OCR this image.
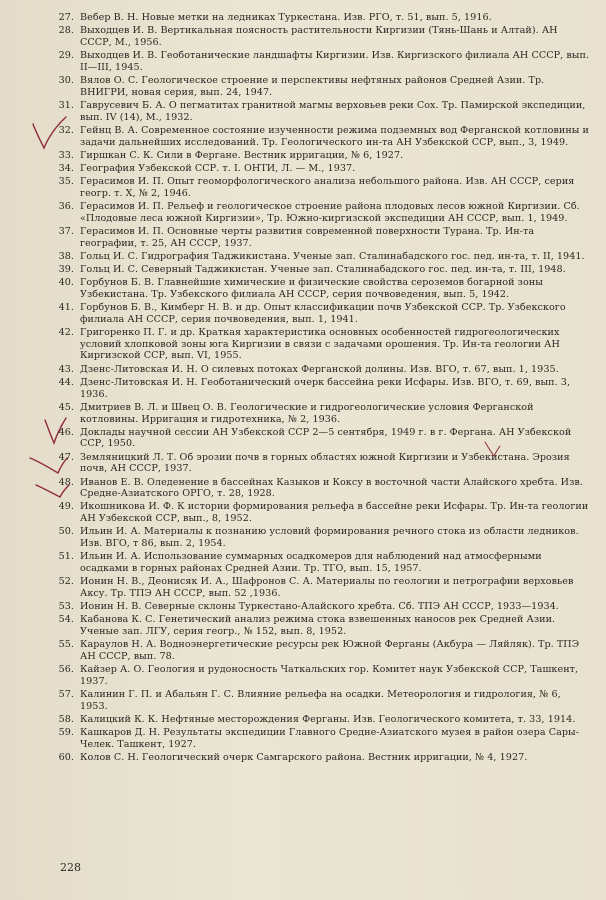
27. Вебер В. Н. Новые метки на ледниках Туркестана. Изв. РГО, т. 51, вып. 5, 1916.
28. Выходцев И. В. Вертикальная поясность растительности Киргизии (Тянь-Шань и Алтай). АН СССР, М., 1956.
29. Выходцев И. В. Геоботанические ландшафты Киргизии. Изв. Киргизского филиала АН СССР, вып. II—III, 1945.
30. Вялов О. С. Геологическое строение и перспективы нефтяных районов Средней Азии. Тр. ВНИГРИ, новая серия, вып. 24, 1947.
31. Гаврусевич Б. А. О пегматитах гранитной магмы верховьев реки Сох. Тр. Памирской экспедиции, вып. IV (14), М., 1932.
32. Гейнц В. А. Современное состояние изученности режима подземных вод Ферганской котловины и задачи дальнейших исследований. Тр. Геологического ин-та АН Узбекской ССР, вып., 3, 1949.
33. Гиршкан С. К. Сили в Фергане. Вестник ирригации, № 6, 1927.
34. География Узбекской ССР. т. I. ОНТИ, Л. — М., 1937.
35. Герасимов И. П. Опыт геоморфологического анализа небольшого района. Изв. АН СССР, серия геогр. т. X, № 2, 1946.
36. Герасимов И. П. Рельеф и геологическое строение района плодовых лесов южной Киргизии. Сб. «Плодовые леса южной Киргизии», Тр. Южно-киргизской экспедиции АН СССР, вып. 1, 1949.
37. Герасимов И. П. Основные черты развития современной поверхности Турана. Тр. Ин-та географии, т. 25, АН СССР, 1937.
38. Гольц И. С. Гидрография Таджикистана. Ученые зап. Сталинабадского гос. пед. ин-та, т. II, 1941.
39. Гольц И. С. Северный Таджикистан. Ученые зап. Сталинабадского гос. пед. ин-та, т. III, 1948.
40. Горбунов Б. В. Главнейшие химические и физические свойства сероземов богарной зоны Узбекистана. Тр. Узбекского филиала АН СССР, серия почвоведения, вып. 5, 1942.
41. Горбунов Б. В., Кимберг Н. В. и др. Опыт классификации почв Узбекской ССР. Тр. Узбекского филиала АН СССР, серия почвоведения, вып. 1, 1941.
42. Григоренко П. Г. и др. Краткая характеристика основных особенностей гидрогеологических условий хлопковой зоны юга Киргизии в связи с задачами орошения. Тр. Ин-та геологии АН Киргизской ССР, вып. VI, 1955.
43. Дзенс-Литовская И. Н. О силевых потоках Ферганской долины. Изв. ВГО, т. 67, вып. 1, 1935.
44. Дзенс-Литовская И. Н. Геоботанический очерк бассейна реки Исфары. Изв. ВГО, т. 69, вып. 3, 1936.
45. Дмитриев В. Л. и Швец О. В. Геологические и гидрогеологические условия Ферганской котловины. Ирригация и гидротехника, № 2, 1936.
46. Доклады научной сессии АН Узбекской ССР 2—5 сентября, 1949 г. в г. Фергана. АН Узбекской ССР, 1950.
47. Земляницкий Л. Т. Об эрозии почв в горных областях южной Киргизии и Узбекистана. Эрозия почв, АН СССР, 1937.
48. Иванов Е. В. Оледенение в бассейнах Казыков и Коксу в восточной части Алайского хребта. Изв. Средне-Азиатского ОРГО, т. 28, 1928.
49. Икошникова И. Ф. К истории формирования рельефа в бассейне реки Исфары. Тр. Ин-та геологии АН Узбекской ССР, вып., 8, 1952.
50. Ильин И. А. Материалы к познанию условий формирования речного стока из области ледников. Изв. ВГО, т 86, вып. 2, 1954.
51. Ильин И. А. Использование суммарных осадкомеров для наблюдений над атмосферными осадками в горных районах Средней Азии. Тр. ТГО, вып. 15, 1957.
52. Ионин Н. В., Деонисяк И. А., Шафронов С. А. Материалы по геологии и петрографии верховьев Аксу. Тр. ТПЭ АН СССР, вып. 52 ,1936.
53. Ионин Н. В. Северные склоны Туркестано-Алайского хребта. Сб. ТПЭ АН СССР, 1933—1934.
54. Кабанова К. С. Генетический анализ режима стока взвешенных наносов рек Средней Азии. Ученые зап. ЛГУ, серия геогр., № 152, вып. 8, 1952.
55. Караулов Н. А. Водноэнергетические ресурсы рек Южной Ферганы (Акбура — Ляйляк). Тр. ТПЭ АН СССР, вып. 78.
56. Кайзер А. О. Геология и рудоносность Чаткальских гор. Комитет наук Узбекской ССР, Ташкент, 1937.
57. Калинин Г. П. и Абальян Г. С. Влияние рельефа на осадки. Метеорология и гидрология, № 6, 1953.
58. Калицкий К. К. Нефтяные месторождения Ферганы. Изв. Геологического комитета, т. 33, 1914.
59. Кашкаров Д. Н. Результаты экспедиции Главного Средне-Азиатского музея в район озера Сары-Челек. Ташкент, 1927.
60. Колов С. Н. Геологический очерк Самгарского района. Вестник ирригации, № 4, 1927.
228
